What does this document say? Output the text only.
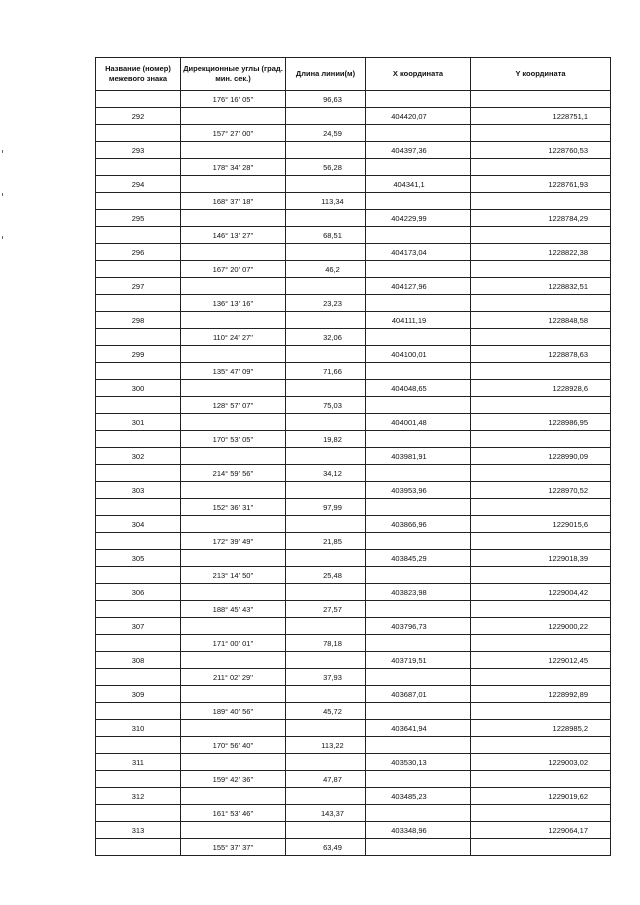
Название (номер) межевого знака	Дирекционные углы (град. мин. сек.)	Длина линии(м)	X координата	Y координата
	176° 16' 05''	96,63		
292			404420,07	1228751,1
	157° 27' 00''	24,59		
293			404397,36	1228760,53
	178° 34' 28''	56,28		
294			404341,1	1228761,93
	168° 37' 18''	113,34		
295			404229,99	1228784,29
	146° 13' 27''	68,51		
296			404173,04	1228822,38
	167° 20' 07''	46,2		
297			404127,96	1228832,51
	136° 13' 16''	23,23		
298			404111,19	1228848,58
	110° 24' 27''	32,06		
299			404100,01	1228878,63
	135° 47' 09''	71,66		
300			404048,65	1228928,6
	128° 57' 07''	75,03		
301			404001,48	1228986,95
	170° 53' 05''	19,82		
302			403981,91	1228990,09
	214° 59' 56''	34,12		
303			403953,96	1228970,52
	152° 36' 31''	97,99		
304			403866,96	1229015,6
	172° 39' 49''	21,85		
305			403845,29	1229018,39
	213° 14' 50''	25,48		
306			403823,98	1229004,42
	188° 45' 43''	27,57		
307			403796,73	1229000,22
	171° 00' 01''	78,18		
308			403719,51	1229012,45
	211° 02' 29''	37,93		
309			403687,01	1228992,89
	189° 40' 56''	45,72		
310			403641,94	1228985,2
	170° 56' 40''	113,22		
311			403530,13	1229003,02
	159° 42' 36''	47,87		
312			403485,23	1229019,62
	161° 53' 46''	143,37		
313			403348,96	1229064,17
	155° 37' 37''	63,49		
